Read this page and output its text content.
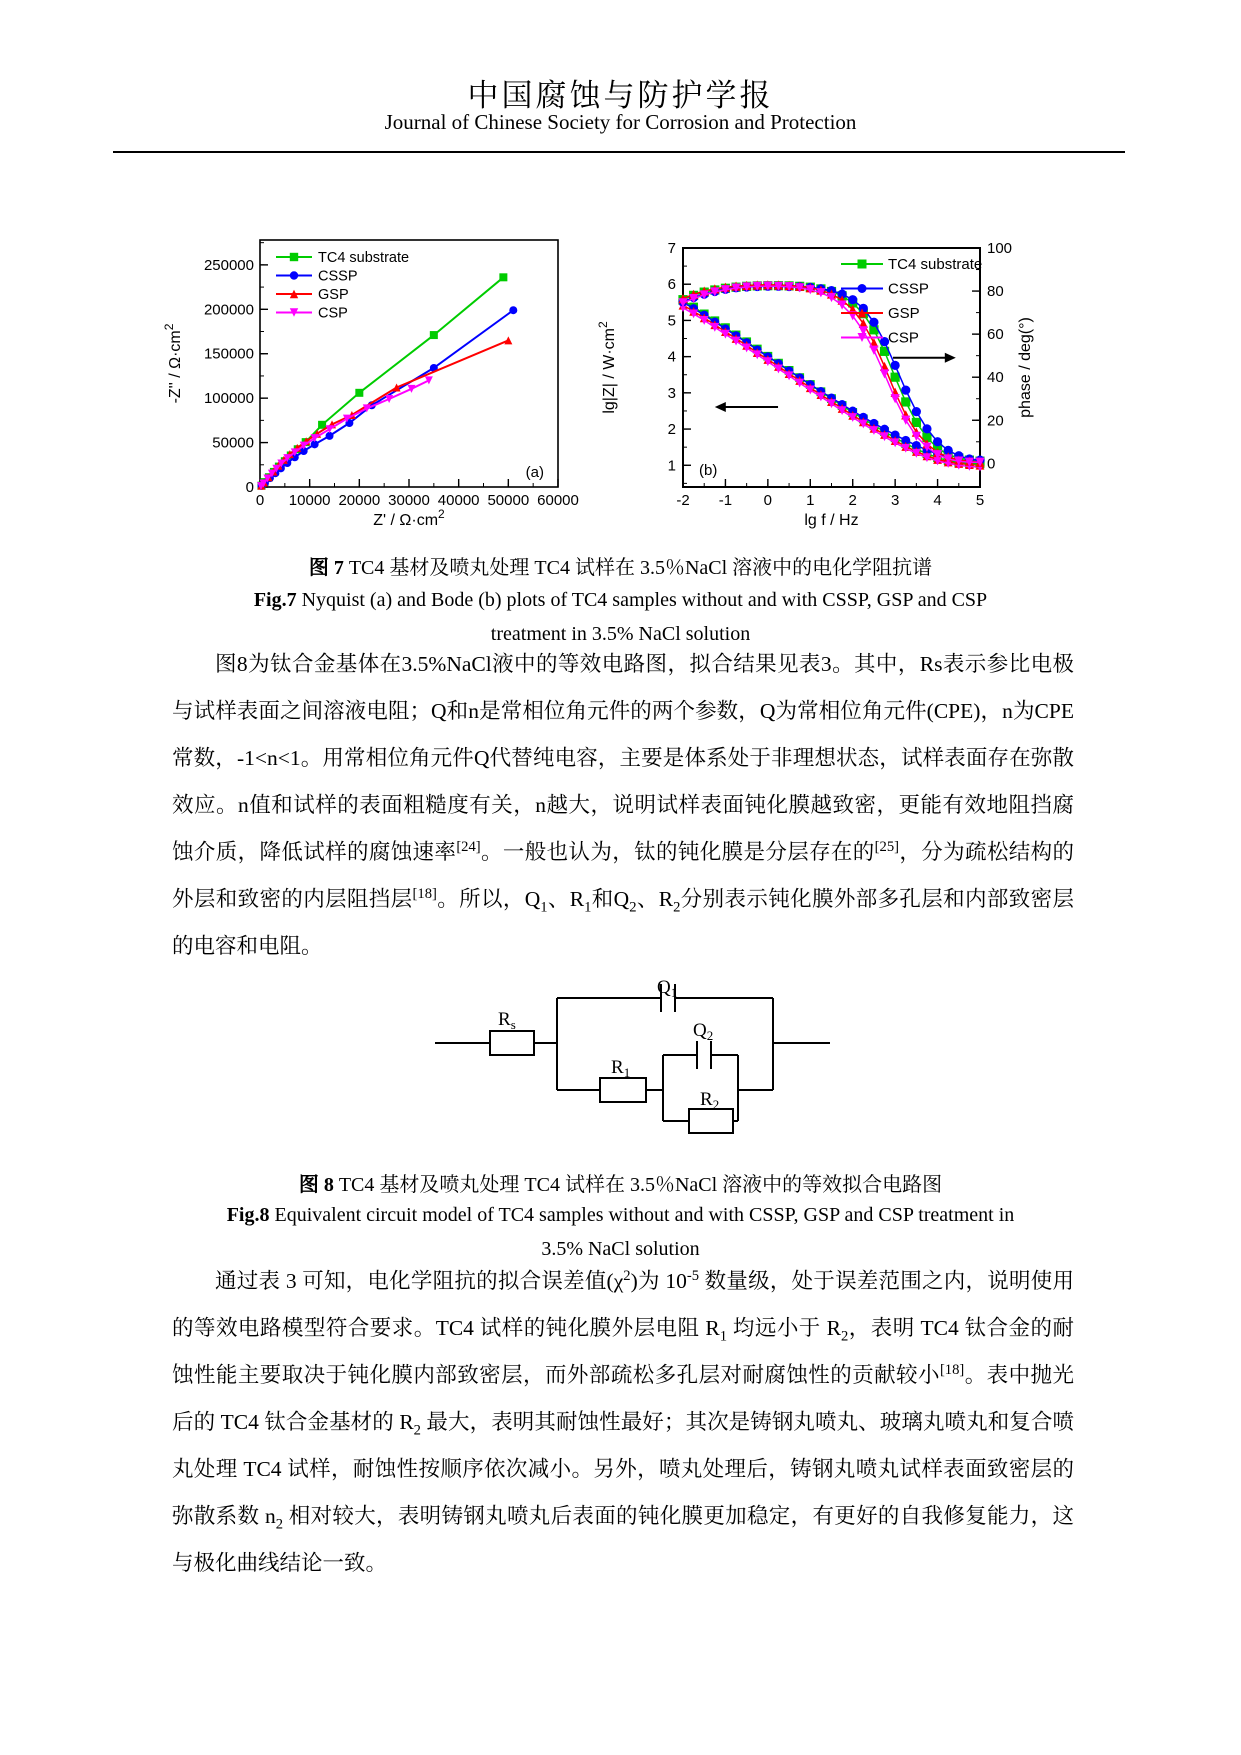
中国腐蚀与防护学报
Journal of Chinese Society for Corrosion and Protection
0 10000 20000 30000 40000 50000 60000
0
50000
100000
150000
200000
250000	TC4 substrate
CSSP
GSP
CSP
(a)
$Z' / \Omega\cdot cm^2$
$-Z'' / \Omega\cdot cm^2$
-2 -1 0 1 2 3 4 5
1
2
3
4
5
6
7
0
20
40
60
80
100
TC4 substrate
CSSP
GSP
CSP
(b)
lg f / Hz
$\lg|Z| / W\cdot cm^2$	phase / deg(°)
图 7 TC4 基材及喷丸处理 TC4 试样在 3.5％NaCl 溶液中的电化学阻抗谱
Fig.7 Nyquist (a) and Bode (b) plots of TC4 samples without and with CSSP, GSP and CSP
treatment in 3.5% NaCl solution
图8为钛合金基体在3.5%NaCl液中的等效电路图，拟合结果见表3。其中，Rs表示参比电极与试样表面之间溶液电阻；Q和n是常相位角元件的两个参数，Q为常相位角元件(CPE)，n为CPE常数，-1<n<1。用常相位角元件Q代替纯电容，主要是体系处于非理想状态，试样表面存在弥散效应。n值和试样的表面粗糙度有关，n越大，说明试样表面钝化膜越致密，更能有效地阻挡腐蚀介质，降低试样的腐蚀速率[24]。一般也认为，钛的钝化膜是分层存在的[25]，分为疏松结构的外层和致密的内层阻挡层[18]。所以，$Q_1$、$R_1$和$Q_2$、$R_2$分别表示钝化膜外部多孔层和内部致密层的电容和电阻。
$R_s$
$Q_1$
$Q_2$
$R_1$
$R_2$
图 8 TC4 基材及喷丸处理 TC4 试样在 3.5％NaCl 溶液中的等效拟合电路图
Fig.8 Equivalent circuit model of TC4 samples without and with CSSP, GSP and CSP treatment in
3.5% NaCl solution
通过表 3 可知，电化学阻抗的拟合误差值$(\chi^2)$为 $10^{-5}$ 数量级，处于误差范围之内，说明使用的等效电路模型符合要求。TC4 试样的钝化膜外层电阻 $R_1$ 均远小于 $R_2$，表明 TC4 钛合金的耐蚀性能主要取决于钝化膜内部致密层，而外部疏松多孔层对耐腐蚀性的贡献较小[18]。表中抛光后的 TC4 钛合金基材的 $R_2$ 最大，表明其耐蚀性最好；其次是铸钢丸喷丸、玻璃丸喷丸和复合喷丸处理 TC4 试样，耐蚀性按顺序依次减小。另外，喷丸处理后，铸钢丸喷丸试样表面致密层的弥散系数 $n_2$ 相对较大，表明铸钢丸喷丸后表面的钝化膜更加稳定，有更好的自我修复能力，这与极化曲线结论一致。
